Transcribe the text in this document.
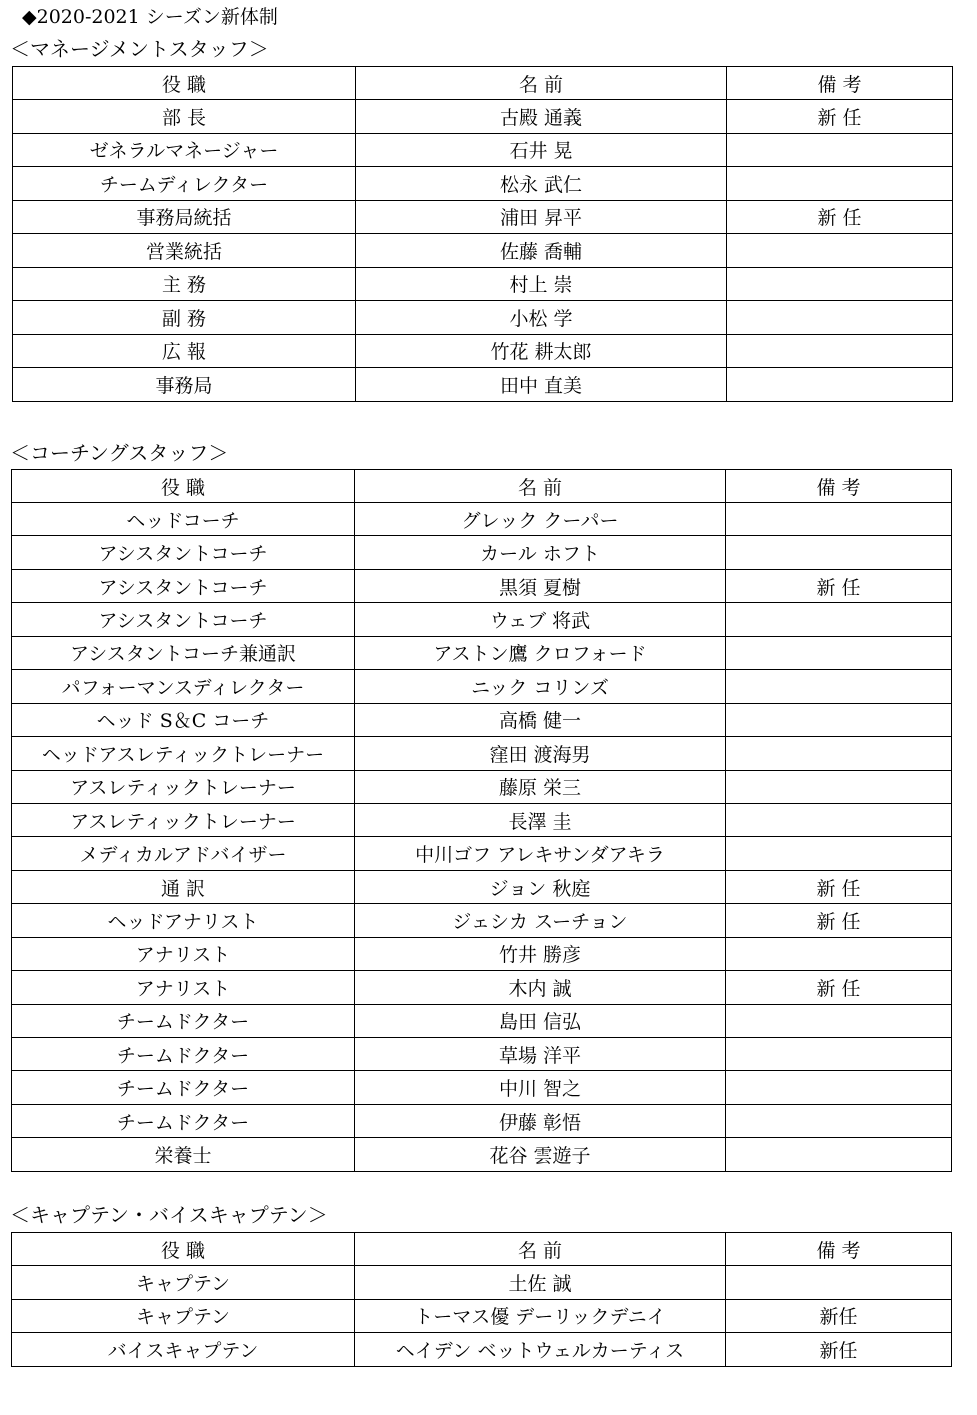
◆2020-2021 シーズン新体制
＜マネージメントスタッフ＞
役 職	名 前	備 考
部 長	古殿 通義	新 任
ゼネラルマネージャー	石井 晃	
チームディレクター	松永 武仁	
事務局統括	浦田 昇平	新 任
営業統括	佐藤 喬輔	
主 務	村上 崇	
副 務	小松 学	
広 報	竹花 耕太郎	
事務局	田中 直美	
＜コーチングスタッフ＞
役 職	名 前	備 考
ヘッドコーチ	グレック クーパー	
アシスタントコーチ	カール ホフト	
アシスタントコーチ	黒須 夏樹	新 任
アシスタントコーチ	ウェブ 将武	
アシスタントコーチ兼通訳	アストン鷹 クロフォード	
パフォーマンスディレクター	ニック コリンズ	
ヘッド S＆C コーチ	高橋 健一	
ヘッドアスレティックトレーナー	窪田 渡海男	
アスレティックトレーナー	藤原 栄三	
アスレティックトレーナー	長澤 圭	
メディカルアドバイザー	中川ゴフ アレキサンダアキラ	
通 訳	ジョン 秋庭	新 任
ヘッドアナリスト	ジェシカ スーチョン	新 任
アナリスト	竹井 勝彦	
アナリスト	木内 誠	新 任
チームドクター	島田 信弘	
チームドクター	草場 洋平	
チームドクター	中川 智之	
チームドクター	伊藤 彰悟	
栄養士	花谷 雲遊子	
＜キャプテン・バイスキャプテン＞
役 職	名 前	備 考
キャプテン	土佐 誠	
キャプテン	トーマス優 デーリックデニイ	新任
バイスキャプテン	ヘイデン ベットウェルカーティス	新任
